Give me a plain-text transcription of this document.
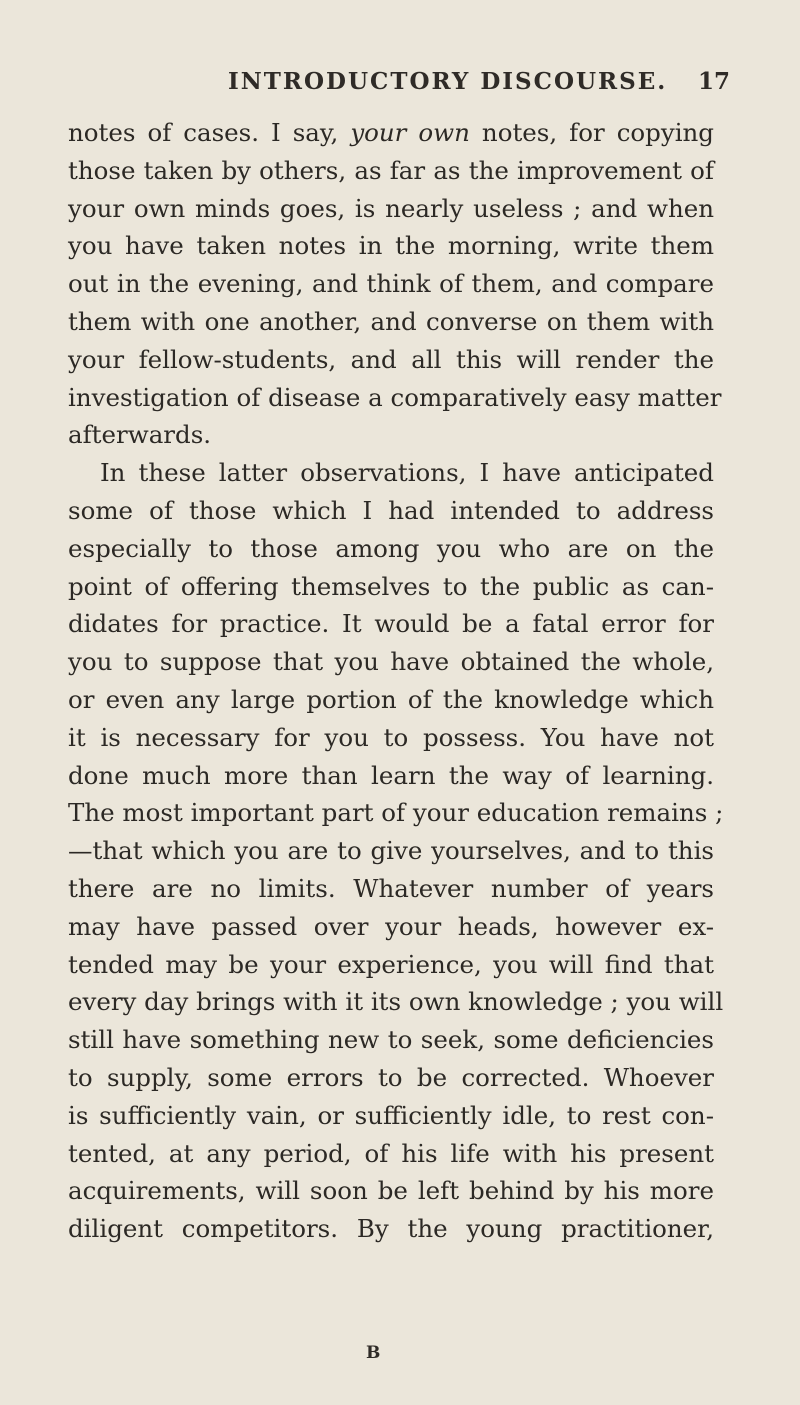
INTRODUCTORY DISCOURSE. 17
notes of cases. I say, your own notes, for copying
those taken by others, as far as the improvement of
your own minds goes, is nearly useless ; and when
you have taken notes in the morning, write them
out in the evening, and think of them, and compare
them with one another, and converse on them with
your fellow-students, and all this will render the
investigation of disease a comparatively easy matter
afterwards.
In these latter observations, I have anticipated
some of those which I had intended to address
especially to those among you who are on the
point of offering themselves to the public as can-
didates for practice. It would be a fatal error for
you to suppose that you have obtained the whole,
or even any large portion of the knowledge which
it is necessary for you to possess. You have not
done much more than learn the way of learning.
The most important part of your education remains ;
—that which you are to give yourselves, and to this
there are no limits. Whatever number of years
may have passed over your heads, however ex-
tended may be your experience, you will find that
every day brings with it its own knowledge ; you will
still have something new to seek, some deficiencies
to supply, some errors to be corrected. Whoever
is sufficiently vain, or sufficiently idle, to rest con-
tented, at any period, of his life with his present
acquirements, will soon be left behind by his more
diligent competitors. By the young practitioner,
B
